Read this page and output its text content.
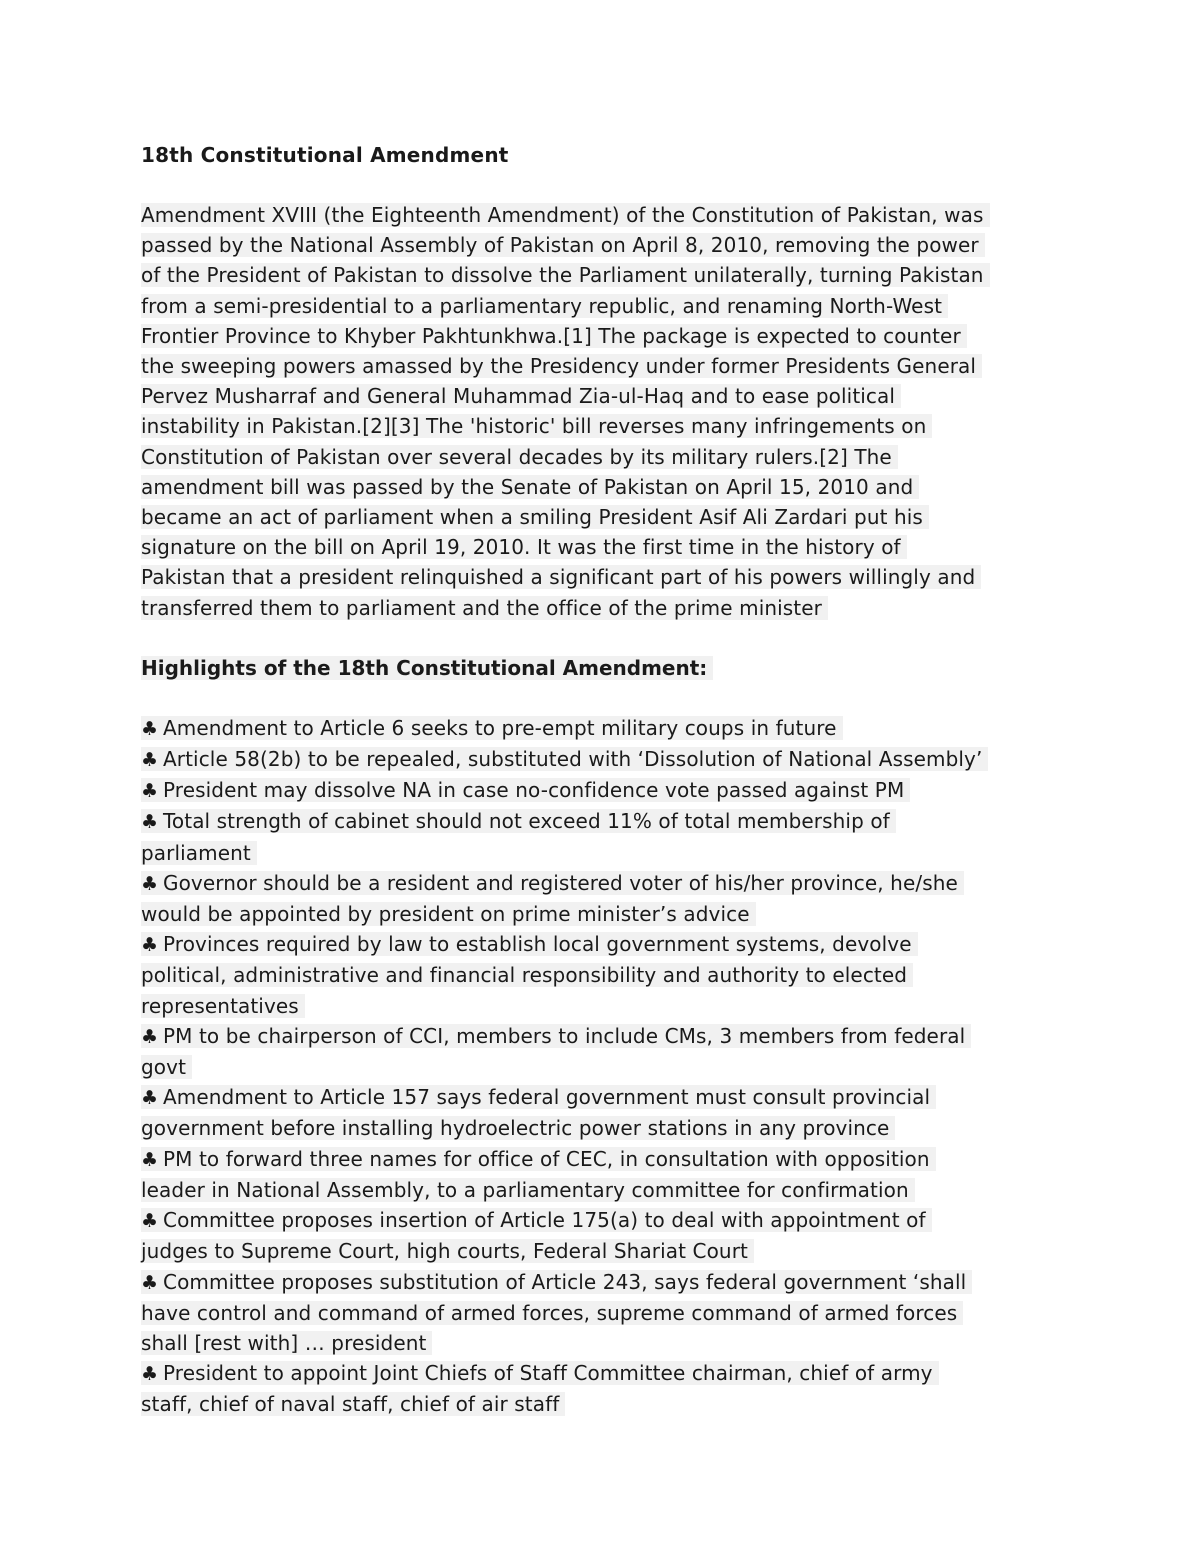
18th Constitutional Amendment
Amendment XVIII (the Eighteenth Amendment) of the Constitution of Pakistan, was
passed by the National Assembly of Pakistan on April 8, 2010, removing the power
of the President of Pakistan to dissolve the Parliament unilaterally, turning Pakistan
from a semi-presidential to a parliamentary republic, and renaming North-West
Frontier Province to Khyber Pakhtunkhwa.[1] The package is expected to counter
the sweeping powers amassed by the Presidency under former Presidents General
Pervez Musharraf and General Muhammad Zia-ul-Haq and to ease political
instability in Pakistan.[2][3] The 'historic' bill reverses many infringements on
Constitution of Pakistan over several decades by its military rulers.[2] The
amendment bill was passed by the Senate of Pakistan on April 15, 2010 and
became an act of parliament when a smiling President Asif Ali Zardari put his
signature on the bill on April 19, 2010. It was the first time in the history of
Pakistan that a president relinquished a significant part of his powers willingly and
transferred them to parliament and the office of the prime minister
Highlights of the 18th Constitutional Amendment:
♣ Amendment to Article 6 seeks to pre-empt military coups in future
♣ Article 58(2b) to be repealed, substituted with ‘Dissolution of National Assembly’
♣ President may dissolve NA in case no-confidence vote passed against PM
♣ Total strength of cabinet should not exceed 11% of total membership of
parliament
♣ Governor should be a resident and registered voter of his/her province, he/she
would be appointed by president on prime minister’s advice
♣ Provinces required by law to establish local government systems, devolve
political, administrative and financial responsibility and authority to elected
representatives
♣ PM to be chairperson of CCI, members to include CMs, 3 members from federal
govt
♣ Amendment to Article 157 says federal government must consult provincial
government before installing hydroelectric power stations in any province
♣ PM to forward three names for office of CEC, in consultation with opposition
leader in National Assembly, to a parliamentary committee for confirmation
♣ Committee proposes insertion of Article 175(a) to deal with appointment of
judges to Supreme Court, high courts, Federal Shariat Court
♣ Committee proposes substitution of Article 243, says federal government ‘shall
have control and command of armed forces, supreme command of armed forces
shall [rest with] … president
♣ President to appoint Joint Chiefs of Staff Committee chairman, chief of army
staff, chief of naval staff, chief of air staff
